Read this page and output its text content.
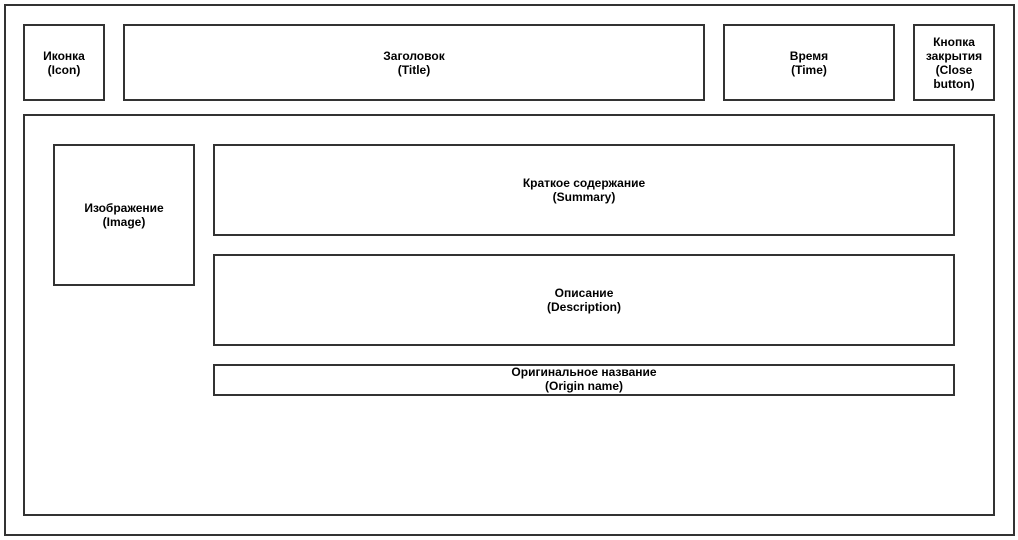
Иконка
(Icon)
Заголовок
(Title)
Время
(Time)
Кнопка
закрытия
(Close
button)
Изображение
(Image)
Краткое содержание
(Summary)
Описание
(Description)
Оригинальное название
(Origin name)
